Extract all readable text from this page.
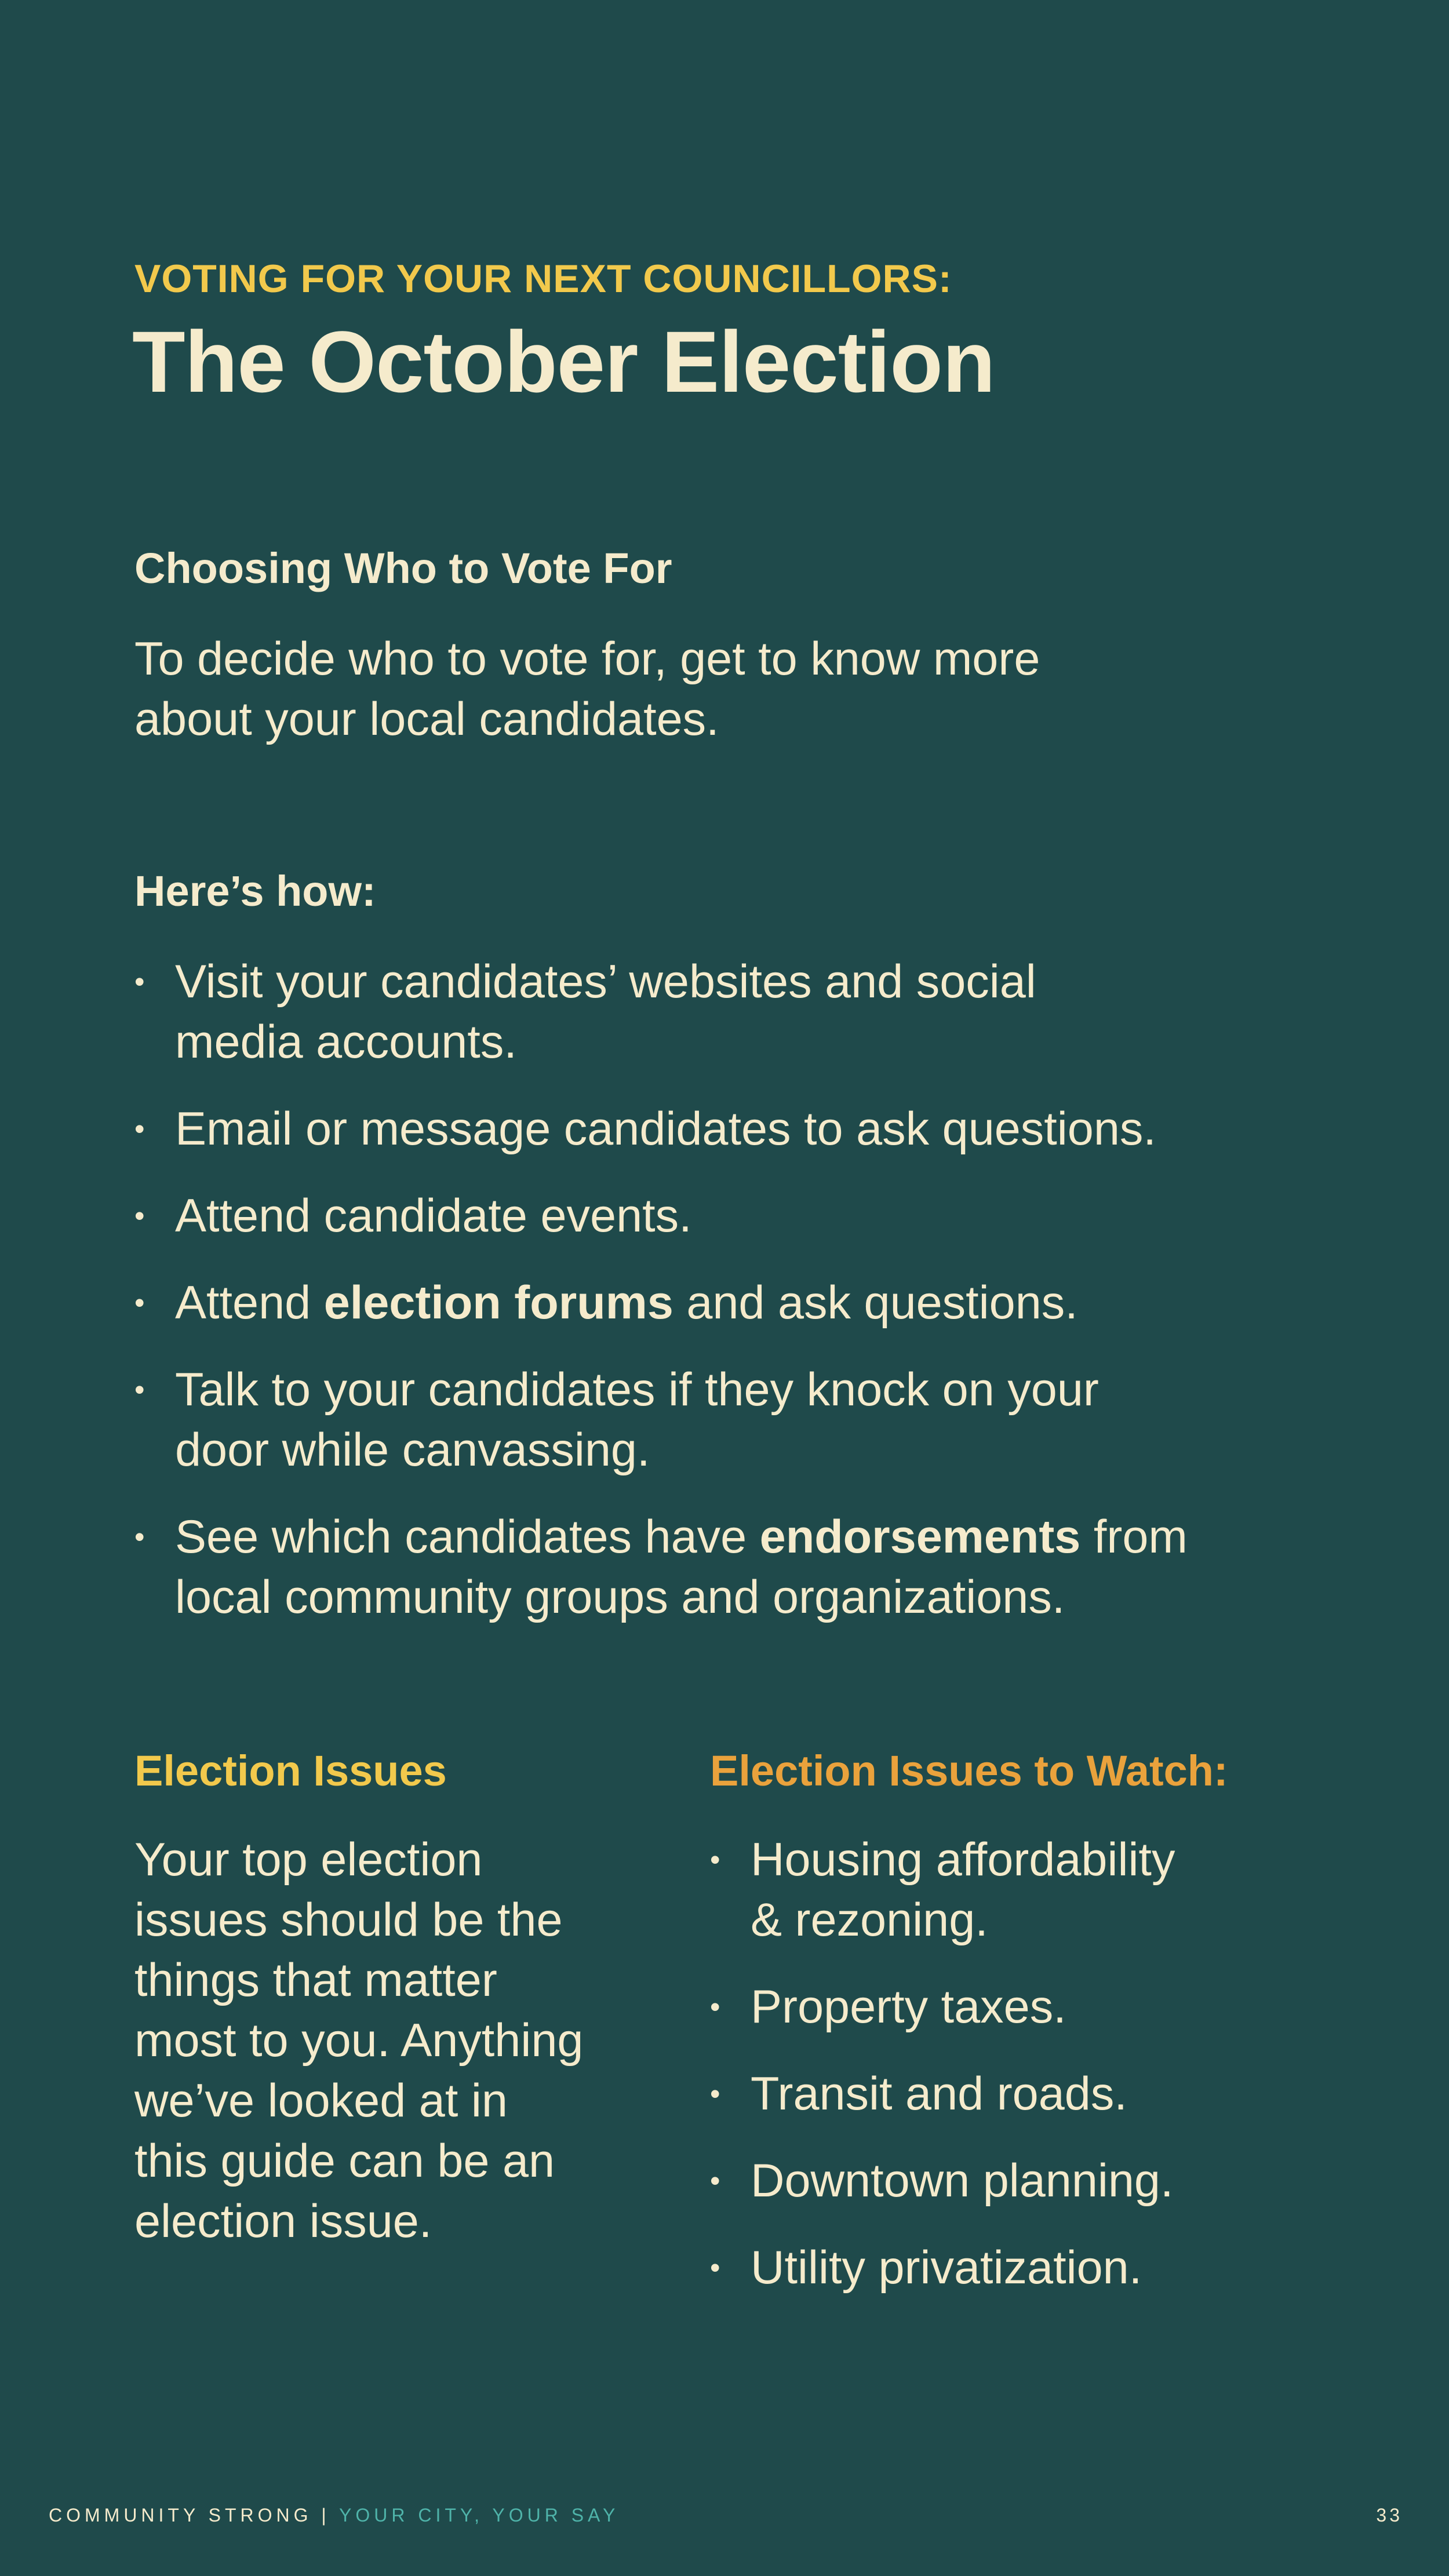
VOTING FOR YOUR NEXT COUNCILLORS:
The October Election
Choosing Who to Vote For

To decide who to vote for, get to know more
about your local candidates.

Here’s how:
• Visit your candidates’ websites and social
media accounts.
• Email or message candidates to ask questions.
• Attend candidate events.
• Attend election forums and ask questions.
• Talk to your candidates if they knock on your
door while canvassing.
• See which candidates have endorsements from
local community groups and organizations.
Election Issues

Your top election
issues should be the
things that matter
most to you. Anything
we’ve looked at in
this guide can be an
election issue.

Election Issues to Watch:
• Housing affordability
& rezoning.
• Property taxes.
• Transit and roads.
• Downtown planning.
• Utility privatization.
COMMUNITY STRONG | YOUR CITY, YOUR SAY	33
